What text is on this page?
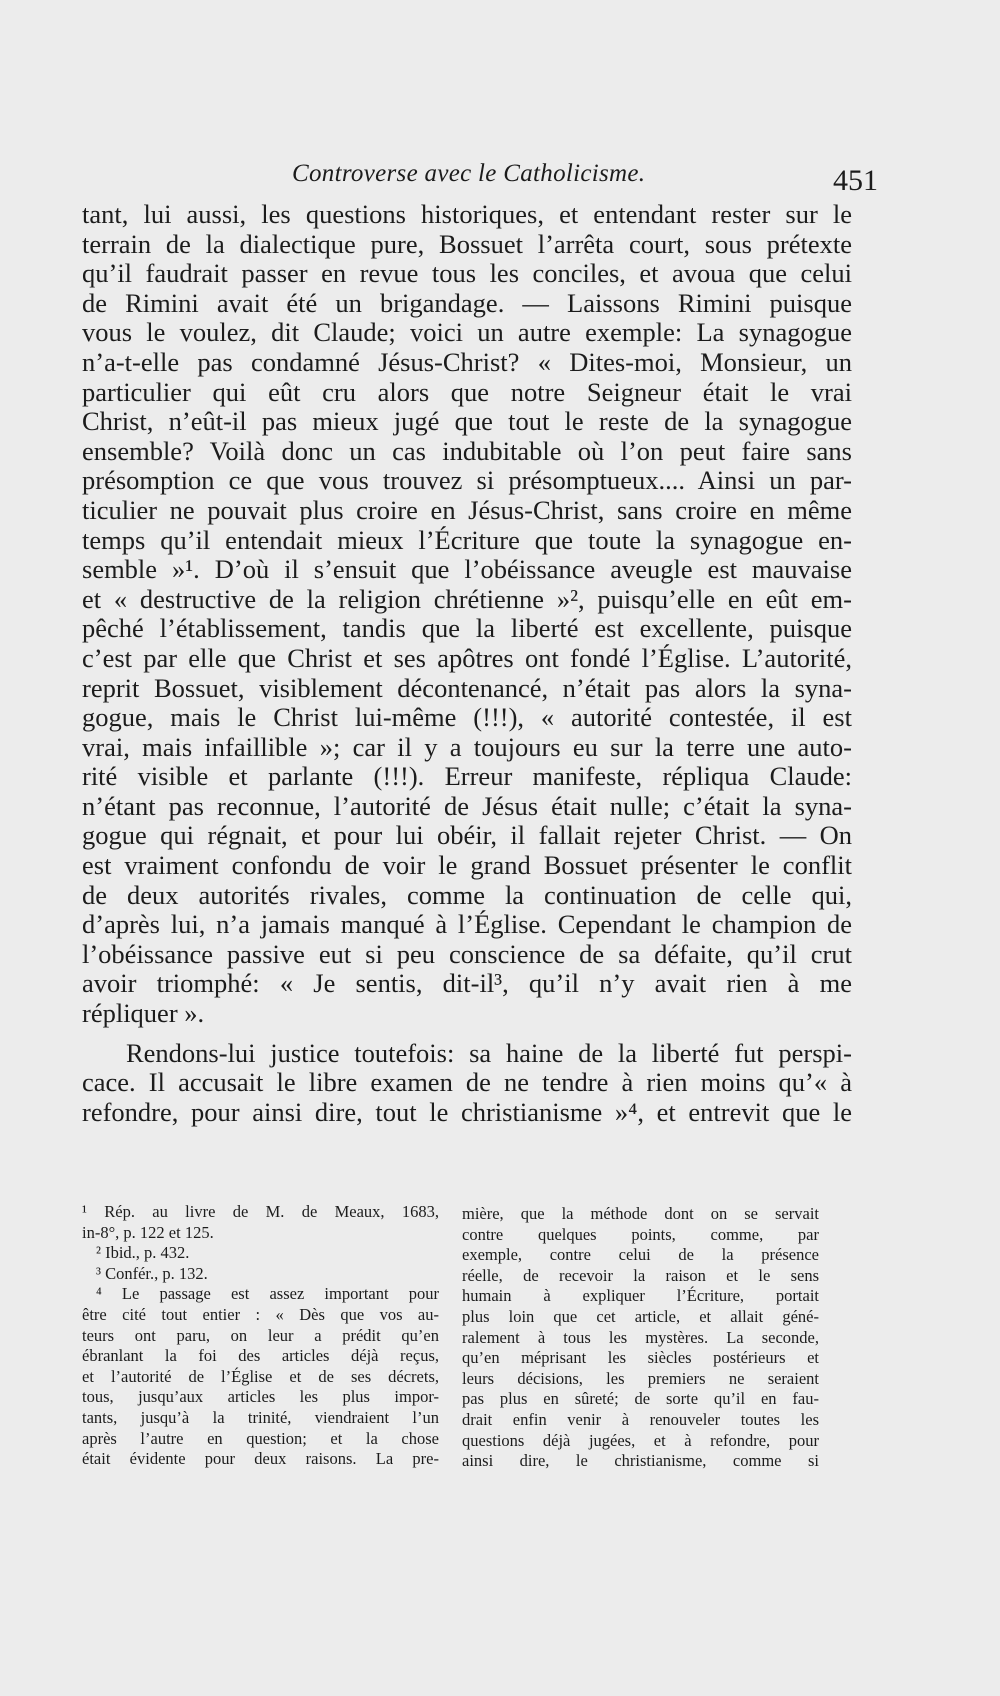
Controverse avec le Catholicisme.	451
tant, lui aussi, les questions historiques, et entendant rester sur le
terrain de la dialectique pure, Bossuet l’arrêta court, sous prétexte
qu’il faudrait passer en revue tous les conciles, et avoua que celui
de Rimini avait été un brigandage. — Laissons Rimini puisque
vous le voulez, dit Claude; voici un autre exemple: La synagogue
n’a-t-elle pas condamné Jésus-Christ? « Dites-moi, Monsieur, un
particulier qui eût cru alors que notre Seigneur était le vrai
Christ, n’eût-il pas mieux jugé que tout le reste de la synagogue
ensemble? Voilà donc un cas indubitable où l’on peut faire sans
présomption ce que vous trouvez si présomptueux.... Ainsi un par-
ticulier ne pouvait plus croire en Jésus-Christ, sans croire en même
temps qu’il entendait mieux l’Écriture que toute la synagogue en-
semble »¹. D’où il s’ensuit que l’obéissance aveugle est mauvaise
et « destructive de la religion chrétienne »², puisqu’elle en eût em-
pêché l’établissement, tandis que la liberté est excellente, puisque
c’est par elle que Christ et ses apôtres ont fondé l’Église. L’autorité,
reprit Bossuet, visiblement décontenancé, n’était pas alors la syna-
gogue, mais le Christ lui-même (!!!), « autorité contestée, il est
vrai, mais infaillible »; car il y a toujours eu sur la terre une auto-
rité visible et parlante (!!!). Erreur manifeste, répliqua Claude:
n’étant pas reconnue, l’autorité de Jésus était nulle; c’était la syna-
gogue qui régnait, et pour lui obéir, il fallait rejeter Christ. — On
est vraiment confondu de voir le grand Bossuet présenter le conflit
de deux autorités rivales, comme la continuation de celle qui,
d’après lui, n’a jamais manqué à l’Église. Cependant le champion de
l’obéissance passive eut si peu conscience de sa défaite, qu’il crut
avoir triomphé: « Je sentis, dit-il³, qu’il n’y avait rien à me
répliquer ».
Rendons-lui justice toutefois: sa haine de la liberté fut perspi-
cace. Il accusait le libre examen de ne tendre à rien moins qu’« à
refondre, pour ainsi dire, tout le christianisme »⁴, et entrevit que le
¹ Rép. au livre de M. de Meaux, 1683,
in-8°, p. 122 et 125.
² Ibid., p. 432.
³ Confér., p. 132.
⁴ Le passage est assez important pour
être cité tout entier : « Dès que vos au-
teurs ont paru, on leur a prédit qu’en
ébranlant la foi des articles déjà reçus,
et l’autorité de l’Église et de ses décrets,
tous, jusqu’aux articles les plus impor-
tants, jusqu’à la trinité, viendraient l’un
après l’autre en question; et la chose
était évidente pour deux raisons. La pre-
mière, que la méthode dont on se servait
contre quelques points, comme, par
exemple, contre celui de la présence
réelle, de recevoir la raison et le sens
humain à expliquer l’Écriture, portait
plus loin que cet article, et allait géné-
ralement à tous les mystères. La seconde,
qu’en méprisant les siècles postérieurs et
leurs décisions, les premiers ne seraient
pas plus en sûreté; de sorte qu’il en fau-
drait enfin venir à renouveler toutes les
questions déjà jugées, et à refondre, pour
ainsi dire, le christianisme, comme si
